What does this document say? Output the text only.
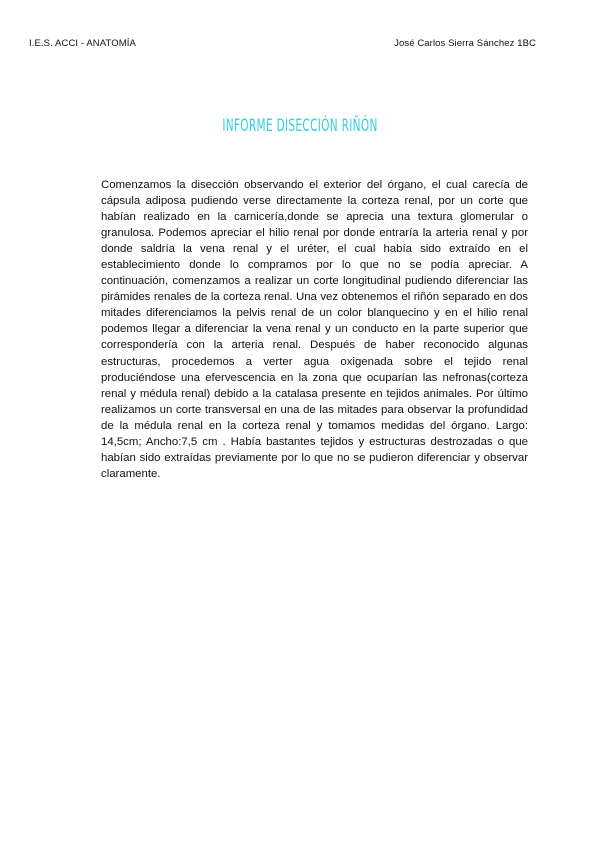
I.E.S. ACCI - ANATOMÍA	José Carlos Sierra Sánchez 1BC
INFORME DISECCIÓN RIÑÓN

Comenzamos la disección observando el exterior del órgano, el cual carecía de cápsula adiposa pudiendo verse directamente la corteza renal, por un corte que habían realizado en la carnicería,donde se aprecia una textura glomerular o granulosa. Podemos apreciar el hilio renal por donde entraría la arteria renal y por donde saldría la vena renal y el uréter, el cual había sido extraído en el establecimiento donde lo compramos por lo que no se podía apreciar. A continuación, comenzamos a realizar un corte longitudinal pudiendo diferenciar las pirámides renales de la corteza renal. Una vez obtenemos el riñón separado en dos mitades diferenciamos la pelvis renal de un color blanquecino y en el hilio renal podemos llegar a diferenciar la vena renal y un conducto en la parte superior que correspondería con la arteria renal. Después de haber reconocido algunas estructuras, procedemos a verter agua oxigenada sobre el tejido renal produciéndose una efervescencia en la zona que ocuparían las nefronas(corteza renal y médula renal) debido a la catalasa presente en tejidos animales. Por último realizamos un corte transversal en una de las mitades para observar la profundidad de la médula renal en la corteza renal y tomamos medidas del órgano. Largo: 14,5cm; Ancho:7,5 cm . Había bastantes tejidos y estructuras destrozadas o que habían sido extraídas previamente por lo que no se pudieron diferenciar y observar claramente.
